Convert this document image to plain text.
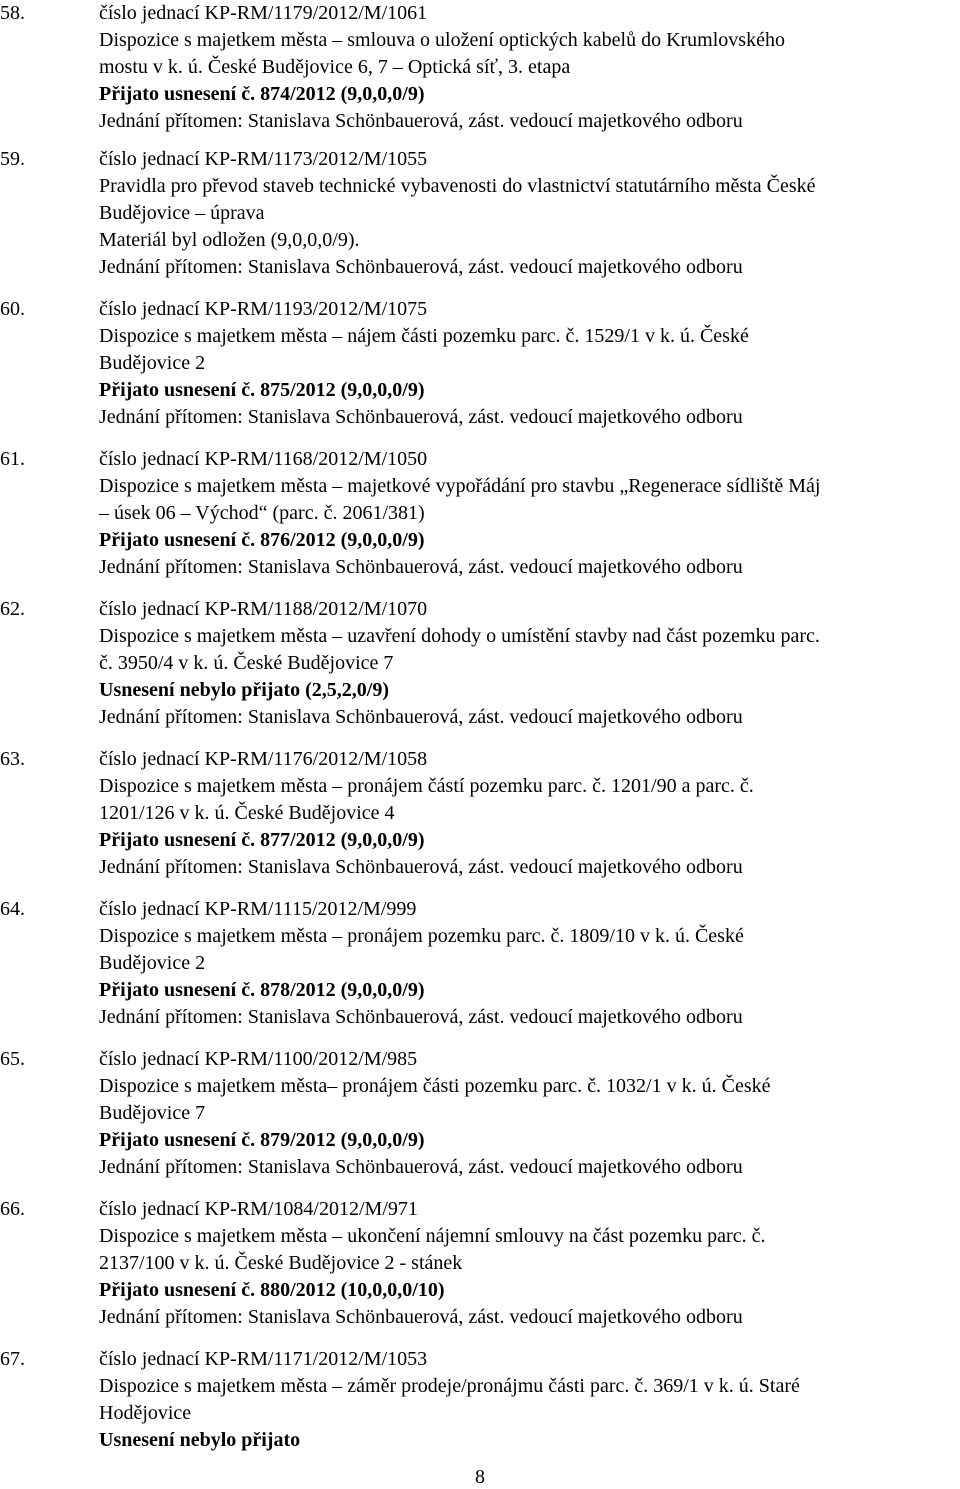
58.	číslo jednací KP-RM/1179/2012/M/1061
Dispozice s majetkem města – smlouva o uložení optických kabelů do Krumlovského
mostu v k. ú. České Budějovice 6, 7 – Optická síť, 3. etapa
Přijato usnesení č. 874/2012 (9,0,0,0/9)
Jednání přítomen: Stanislava Schönbauerová, zást. vedoucí majetkového odboru
59.	číslo jednací KP-RM/1173/2012/M/1055
Pravidla pro převod staveb technické vybavenosti do vlastnictví statutárního města České
Budějovice – úprava
Materiál byl odložen (9,0,0,0/9).
Jednání přítomen: Stanislava Schönbauerová, zást. vedoucí majetkového odboru
60.	číslo jednací KP-RM/1193/2012/M/1075
Dispozice s majetkem města – nájem části pozemku parc. č. 1529/1 v k. ú. České
Budějovice 2
Přijato usnesení č. 875/2012 (9,0,0,0/9)
Jednání přítomen: Stanislava Schönbauerová, zást. vedoucí majetkového odboru
61.	číslo jednací KP-RM/1168/2012/M/1050
Dispozice s majetkem města – majetkové vypořádání pro stavbu „Regenerace sídliště Máj
– úsek 06 – Východ“ (parc. č. 2061/381)
Přijato usnesení č. 876/2012 (9,0,0,0/9)
Jednání přítomen: Stanislava Schönbauerová, zást. vedoucí majetkového odboru
62.	číslo jednací KP-RM/1188/2012/M/1070
Dispozice s majetkem města – uzavření dohody o umístění stavby nad část pozemku parc.
č. 3950/4 v k. ú. České Budějovice 7
Usnesení nebylo přijato (2,5,2,0/9)
Jednání přítomen: Stanislava Schönbauerová, zást. vedoucí majetkového odboru
63.	číslo jednací KP-RM/1176/2012/M/1058
Dispozice s majetkem města – pronájem částí pozemku parc. č. 1201/90 a parc. č.
1201/126 v k. ú. České Budějovice 4
Přijato usnesení č. 877/2012 (9,0,0,0/9)
Jednání přítomen: Stanislava Schönbauerová, zást. vedoucí majetkového odboru
64.	číslo jednací KP-RM/1115/2012/M/999
Dispozice s majetkem města – pronájem pozemku parc. č. 1809/10 v k. ú. České
Budějovice 2
Přijato usnesení č. 878/2012 (9,0,0,0/9)
Jednání přítomen: Stanislava Schönbauerová, zást. vedoucí majetkového odboru
65.	číslo jednací KP-RM/1100/2012/M/985
Dispozice s majetkem města– pronájem části pozemku parc. č. 1032/1 v k. ú. České
Budějovice 7
Přijato usnesení č. 879/2012 (9,0,0,0/9)
Jednání přítomen: Stanislava Schönbauerová, zást. vedoucí majetkového odboru
66.	číslo jednací KP-RM/1084/2012/M/971
Dispozice s majetkem města – ukončení nájemní smlouvy na část pozemku parc. č.
2137/100 v k. ú. České Budějovice 2 - stánek
Přijato usnesení č. 880/2012 (10,0,0,0/10)
Jednání přítomen: Stanislava Schönbauerová, zást. vedoucí majetkového odboru
67.	číslo jednací KP-RM/1171/2012/M/1053
Dispozice s majetkem města – záměr prodeje/pronájmu části parc. č. 369/1 v k. ú. Staré
Hodějovice
Usnesení nebylo přijato
8
